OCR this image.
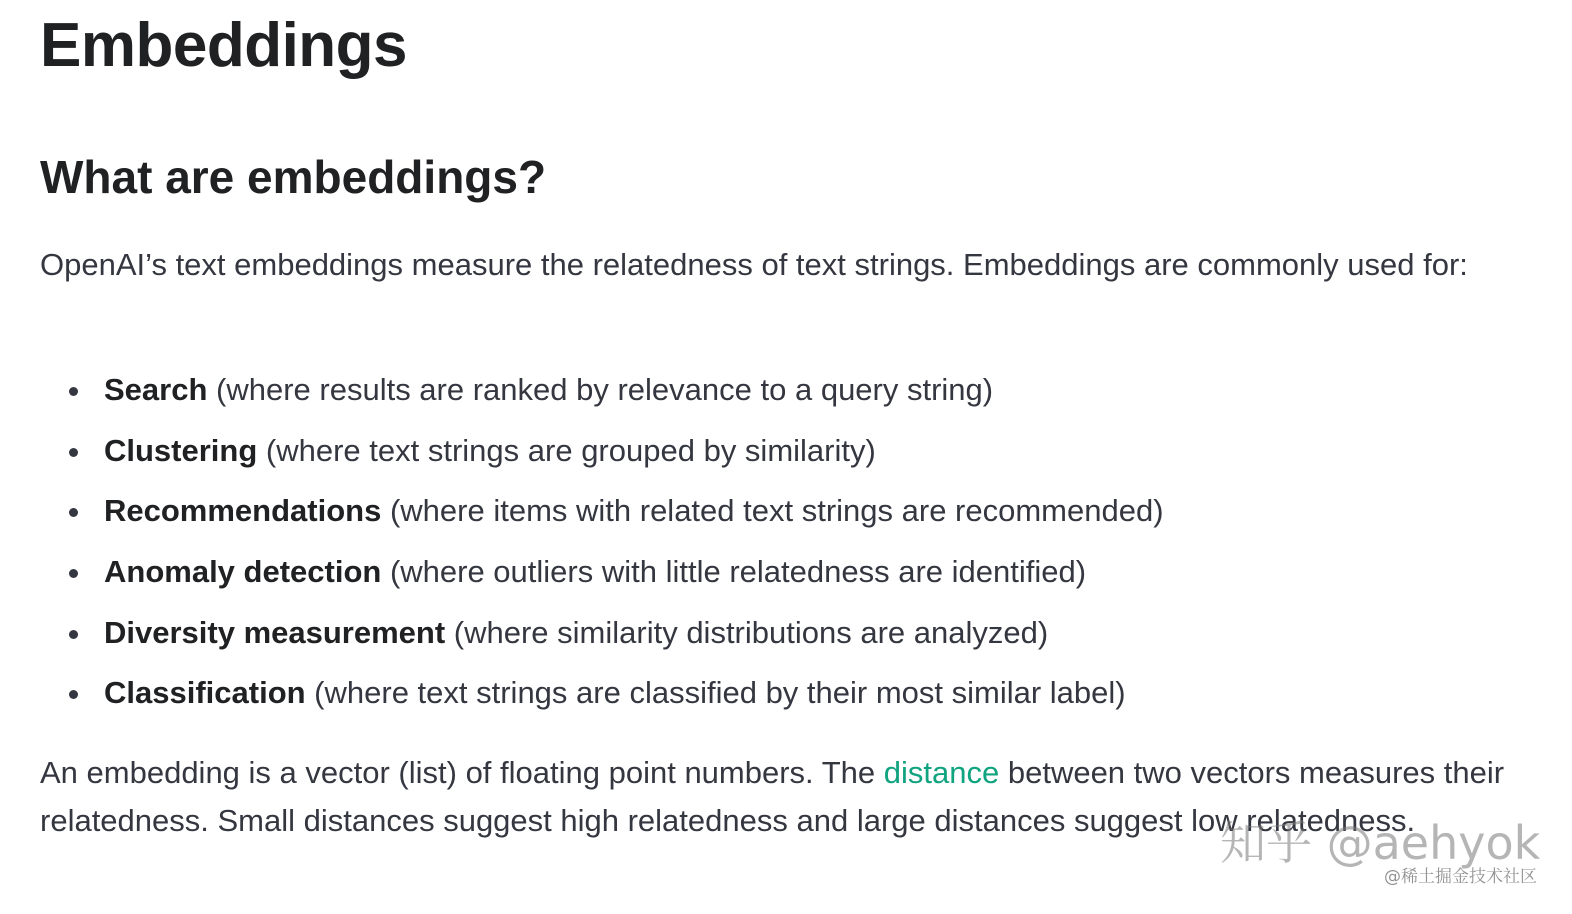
Embeddings
What are embeddings?

OpenAI’s text embeddings measure the relatedness of text strings. Embeddings are commonly used for:

Search (where results are ranked by relevance to a query string)
Clustering (where text strings are grouped by similarity)
Recommendations (where items with related text strings are recommended)
Anomaly detection (where outliers with little relatedness are identified)
Diversity measurement (where similarity distributions are analyzed)
Classification (where text strings are classified by their most similar label)

An embedding is a vector (list) of floating point numbers. The distance between two vectors measures their relatedness. Small distances suggest high relatedness and large distances suggest low relatedness.

知乎 @aehyok
@稀土掘金技术社区
